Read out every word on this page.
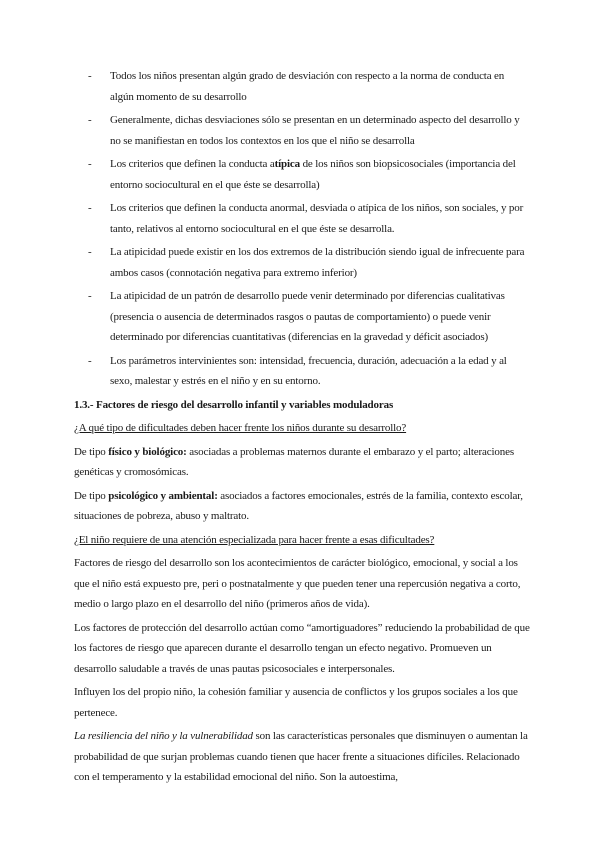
- Todos los niños presentan algún grado de desviación con respecto a la norma de conducta en algún momento de su desarrollo
- Generalmente, dichas desviaciones sólo se presentan en un determinado aspecto del desarrollo y no se manifiestan en todos los contextos en los que el niño se desarrolla
- Los criterios que definen la conducta atípica de los niños son biopsicosociales (importancia del entorno sociocultural en el que éste se desarrolla)
- Los criterios que definen la conducta anormal, desviada o atípica de los niños, son sociales, y por tanto, relativos al entorno sociocultural en el que éste se desarrolla.
- La atipicidad puede existir en los dos extremos de la distribución siendo igual de infrecuente para ambos casos (connotación negativa para extremo inferior)
- La atipicidad de un patrón de desarrollo puede venir determinado por diferencias cualitativas (presencia o ausencia de determinados rasgos o pautas de comportamiento) o puede venir determinado por diferencias cuantitativas (diferencias en la gravedad y déficit asociados)
- Los parámetros intervinientes son: intensidad, frecuencia, duración, adecuación a la edad y al sexo, malestar y estrés en el niño y en su entorno.

1.3.- Factores de riesgo del desarrollo infantil y variables moduladoras

¿A qué tipo de dificultades deben hacer frente los niños durante su desarrollo?

De tipo físico y biológico: asociadas a problemas maternos durante el embarazo y el parto; alteraciones genéticas y cromosómicas.

De tipo psicológico y ambiental: asociados a factores emocionales, estrés de la familia, contexto escolar, situaciones de pobreza, abuso y maltrato.

¿El niño requiere de una atención especializada para hacer frente a esas dificultades?

Factores de riesgo del desarrollo son los acontecimientos de carácter biológico, emocional, y social a los que el niño está expuesto pre, peri o postnatalmente y que pueden tener una repercusión negativa a corto, medio o largo plazo en el desarrollo del niño (primeros años de vida).

Los factores de protección del desarrollo actúan como “amortiguadores” reduciendo la probabilidad de que los factores de riesgo que aparecen durante el desarrollo tengan un efecto negativo. Promueven un desarrollo saludable a través de unas pautas psicosociales e interpersonales.

Influyen los del propio niño, la cohesión familiar y ausencia de conflictos y los grupos sociales a los que pertenece.

La resiliencia del niño y la vulnerabilidad son las características personales que disminuyen o aumentan la probabilidad de que surjan problemas cuando tienen que hacer frente a situaciones difíciles. Relacionado con el temperamento y la estabilidad emocional del niño. Son la autoestima,
